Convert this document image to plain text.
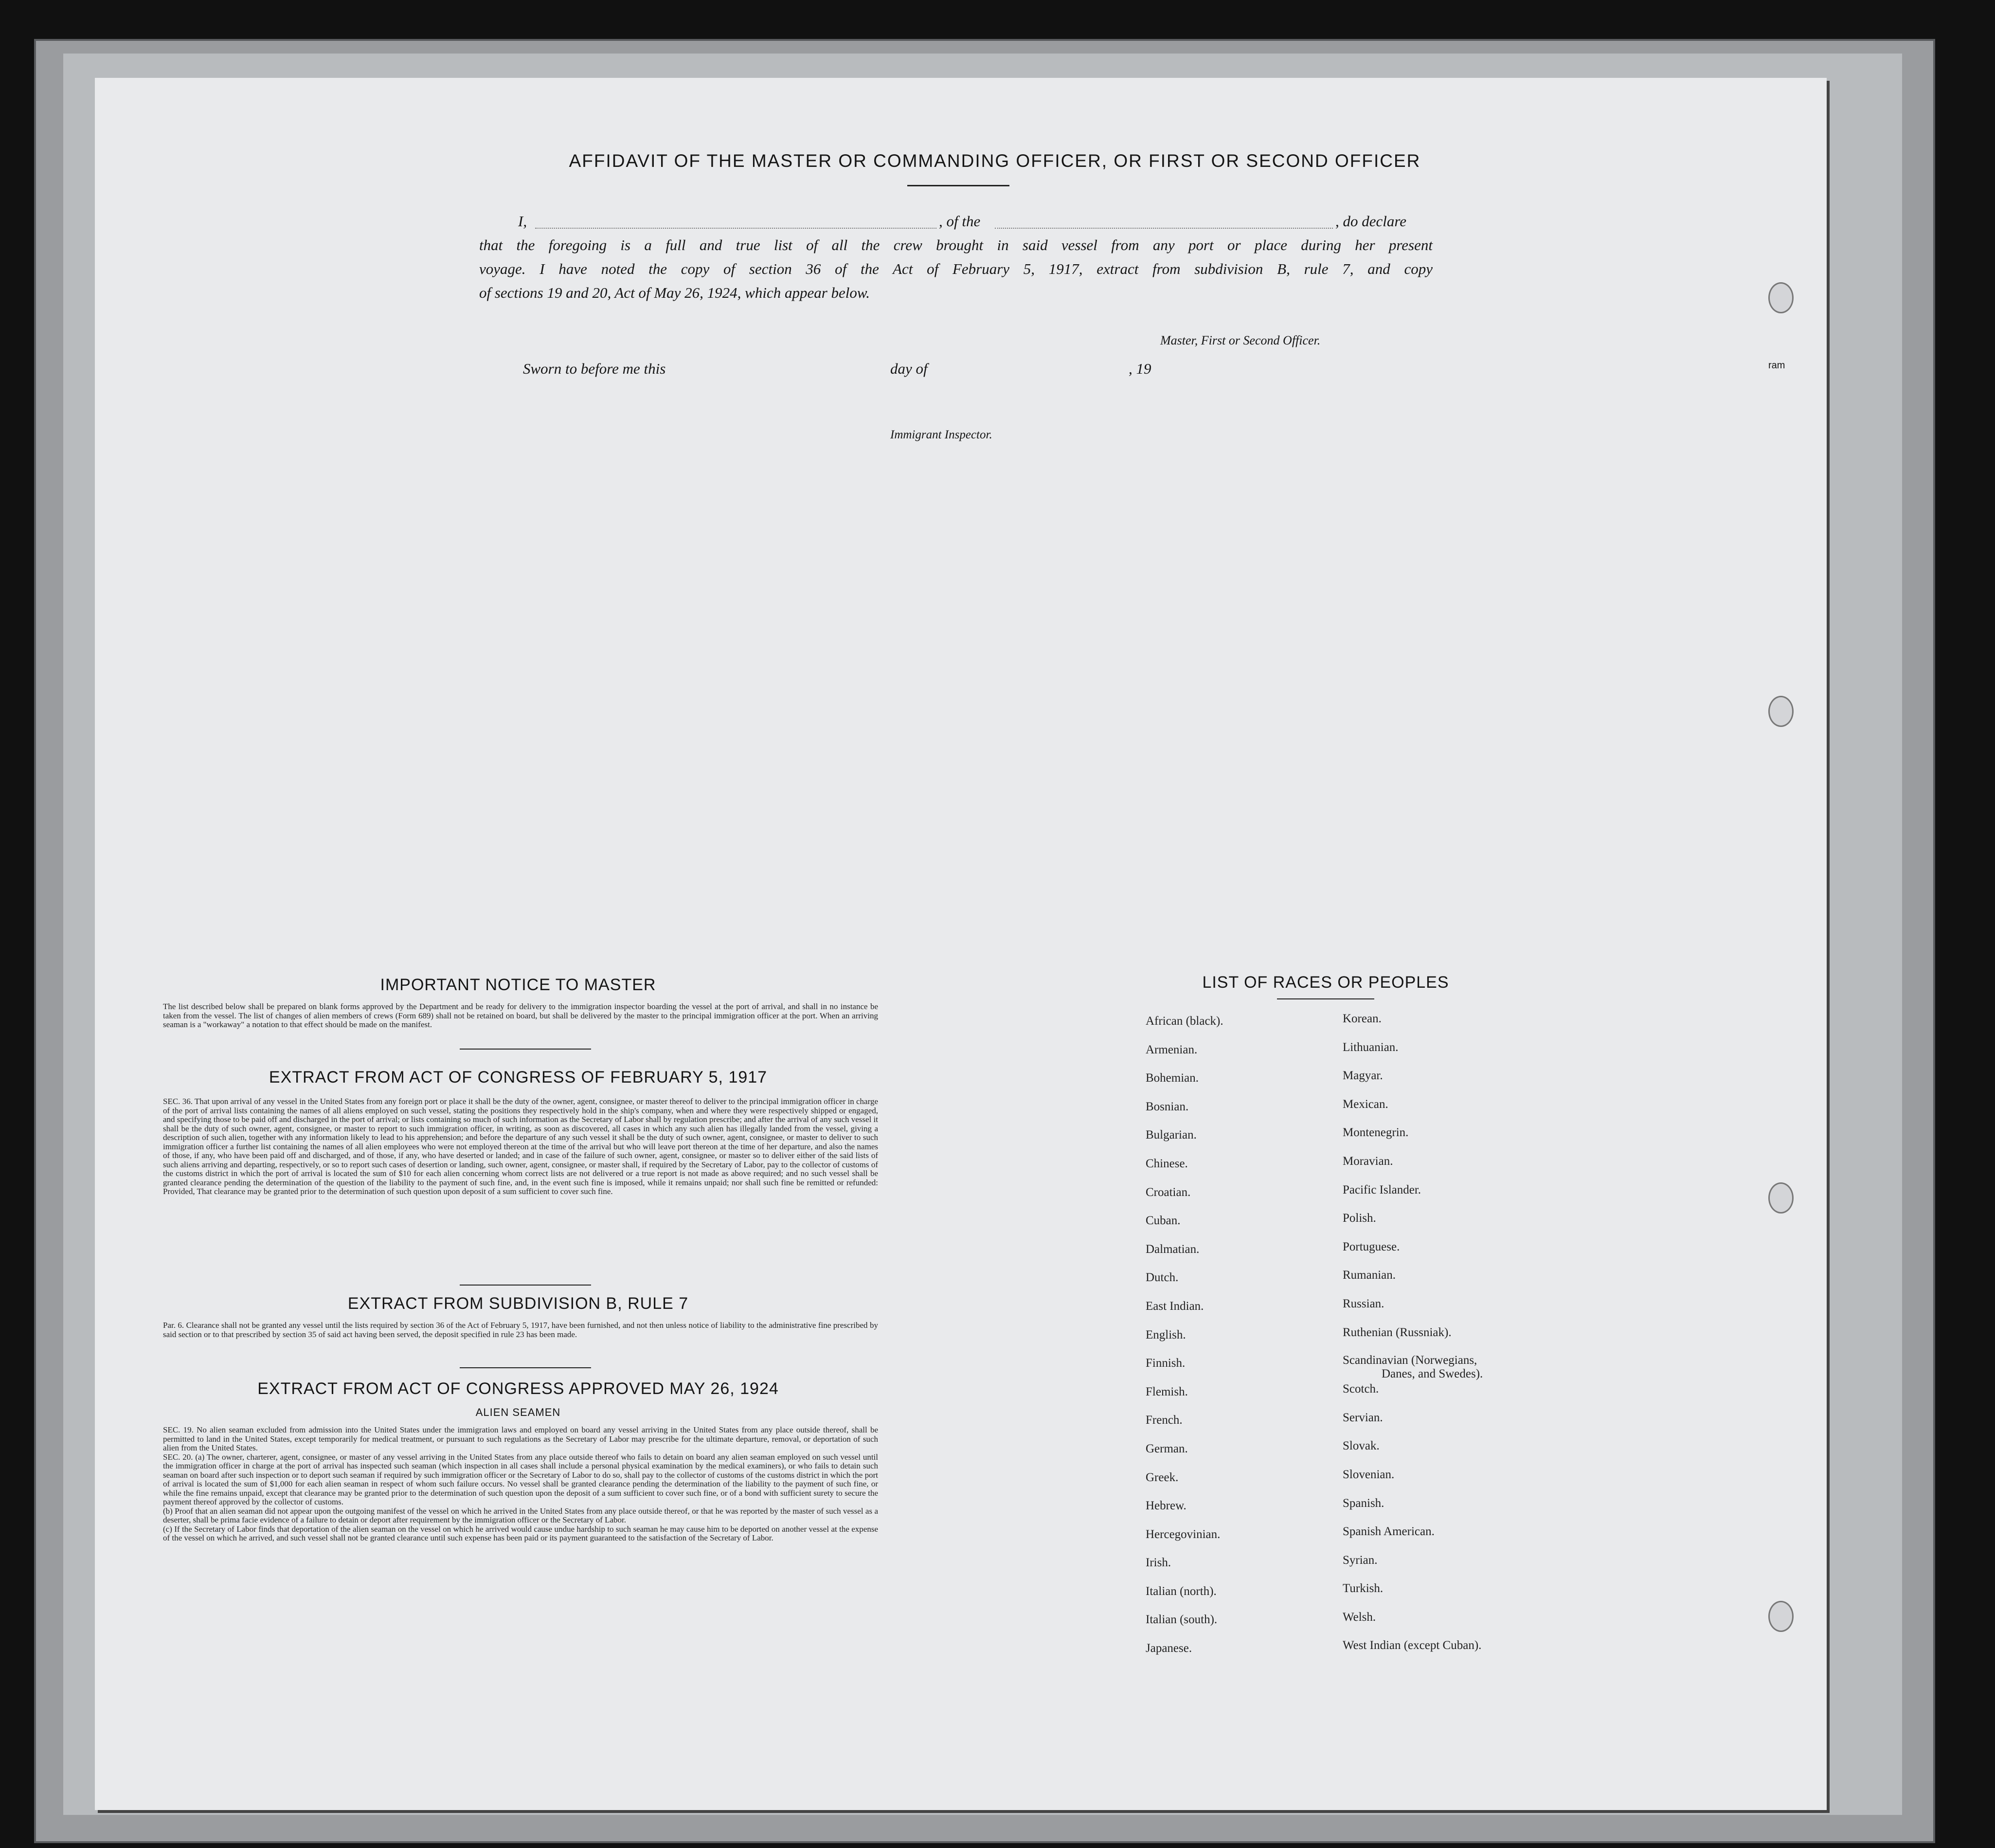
ram
AFFIDAVIT OF THE MASTER OR COMMANDING OFFICER, OR FIRST OR SECOND OFFICER
I,	, of the	, do declare
that the foregoing is a full and true list of all the crew brought in said vessel from any port or place during her present
voyage. I have noted the copy of section 36 of the Act of February 5, 1917, extract from subdivision B, rule 7, and copy
of sections 19 and 20, Act of May 26, 1924, which appear below.
Master, First or Second Officer.
Sworn to before me this	day of	, 19
Immigrant Inspector.
IMPORTANT NOTICE TO MASTER
The list described below shall be prepared on blank forms approved by the Department and be ready for delivery to the immigration inspector boarding the vessel at the port of arrival, and shall in no instance be taken from the vessel. The list of changes of alien members of crews (Form 689) shall not be retained on board, but shall be delivered by the master to the principal immigration officer at the port. When an arriving seaman is a "workaway" a notation to that effect should be made on the manifest.
EXTRACT FROM ACT OF CONGRESS OF FEBRUARY 5, 1917
SEC. 36. That upon arrival of any vessel in the United States from any foreign port or place it shall be the duty of the owner, agent, consignee, or master thereof to deliver to the principal immigration officer in charge of the port of arrival lists containing the names of all aliens employed on such vessel, stating the positions they respectively hold in the ship's company, when and where they were respectively shipped or engaged, and specifying those to be paid off and discharged in the port of arrival; or lists containing so much of such information as the Secretary of Labor shall by regulation prescribe; and after the arrival of any such vessel it shall be the duty of such owner, agent, consignee, or master to report to such immigration officer, in writing, as soon as discovered, all cases in which any such alien has illegally landed from the vessel, giving a description of such alien, together with any information likely to lead to his apprehension; and before the departure of any such vessel it shall be the duty of such owner, agent, consignee, or master to deliver to such immigration officer a further list containing the names of all alien employees who were not employed thereon at the time of the arrival but who will leave port thereon at the time of her departure, and also the names of those, if any, who have been paid off and discharged, and of those, if any, who have deserted or landed; and in case of the failure of such owner, agent, consignee, or master so to deliver either of the said lists of such aliens arriving and departing, respectively, or so to report such cases of desertion or landing, such owner, agent, consignee, or master shall, if required by the Secretary of Labor, pay to the collector of customs of the customs district in which the port of arrival is located the sum of $10 for each alien concerning whom correct lists are not delivered or a true report is not made as above required; and no such vessel shall be granted clearance pending the determination of the question of the liability to the payment of such fine, and, in the event such fine is imposed, while it remains unpaid; nor shall such fine be remitted or refunded: Provided, That clearance may be granted prior to the determination of such question upon deposit of a sum sufficient to cover such fine.
EXTRACT FROM SUBDIVISION B, RULE 7
Par. 6. Clearance shall not be granted any vessel until the lists required by section 36 of the Act of February 5, 1917, have been furnished, and not then unless notice of liability to the administrative fine prescribed by said section or to that prescribed by section 35 of said act having been served, the deposit specified in rule 23 has been made.
EXTRACT FROM ACT OF CONGRESS APPROVED MAY 26, 1924
ALIEN SEAMEN
SEC. 19. No alien seaman excluded from admission into the United States under the immigration laws and employed on board any vessel arriving in the United States from any place outside thereof, shall be permitted to land in the United States, except temporarily for medical treatment, or pursuant to such regulations as the Secretary of Labor may prescribe for the ultimate departure, removal, or deportation of such alien from the United States.
SEC. 20. (a) The owner, charterer, agent, consignee, or master of any vessel arriving in the United States from any place outside thereof who fails to detain on board any alien seaman employed on such vessel until the immigration officer in charge at the port of arrival has inspected such seaman (which inspection in all cases shall include a personal physical examination by the medical examiners), or who fails to detain such seaman on board after such inspection or to deport such seaman if required by such immigration officer or the Secretary of Labor to do so, shall pay to the collector of customs of the customs district in which the port of arrival is located the sum of $1,000 for each alien seaman in respect of whom such failure occurs. No vessel shall be granted clearance pending the determination of the liability to the payment of such fine, or while the fine remains unpaid, except that clearance may be granted prior to the determination of such question upon the deposit of a sum sufficient to cover such fine, or of a bond with sufficient surety to secure the payment thereof approved by the collector of customs.
(b) Proof that an alien seaman did not appear upon the outgoing manifest of the vessel on which he arrived in the United States from any place outside thereof, or that he was reported by the master of such vessel as a deserter, shall be prima facie evidence of a failure to detain or deport after requirement by the immigration officer or the Secretary of Labor.
(c) If the Secretary of Labor finds that deportation of the alien seaman on the vessel on which he arrived would cause undue hardship to such seaman he may cause him to be deported on another vessel at the expense of the vessel on which he arrived, and such vessel shall not be granted clearance until such expense has been paid or its payment guaranteed to the satisfaction of the Secretary of Labor.
LIST OF RACES OR PEOPLES
African (black).
Armenian.
Bohemian.
Bosnian.
Bulgarian.
Chinese.
Croatian.
Cuban.
Dalmatian.
Dutch.
East Indian.
English.
Finnish.
Flemish.
French.
German.
Greek.
Hebrew.
Hercegovinian.
Irish.
Italian (north).
Italian (south).
Japanese.
Korean.
Lithuanian.
Magyar.
Mexican.
Montenegrin.
Moravian.
Pacific Islander.
Polish.
Portuguese.
Rumanian.
Russian.
Ruthenian (Russniak).
Scandinavian (Norwegians,
Danes, and Swedes).
Scotch.
Servian.
Slovak.
Slovenian.
Spanish.
Spanish American.
Syrian.
Turkish.
Welsh.
West Indian (except Cuban).
